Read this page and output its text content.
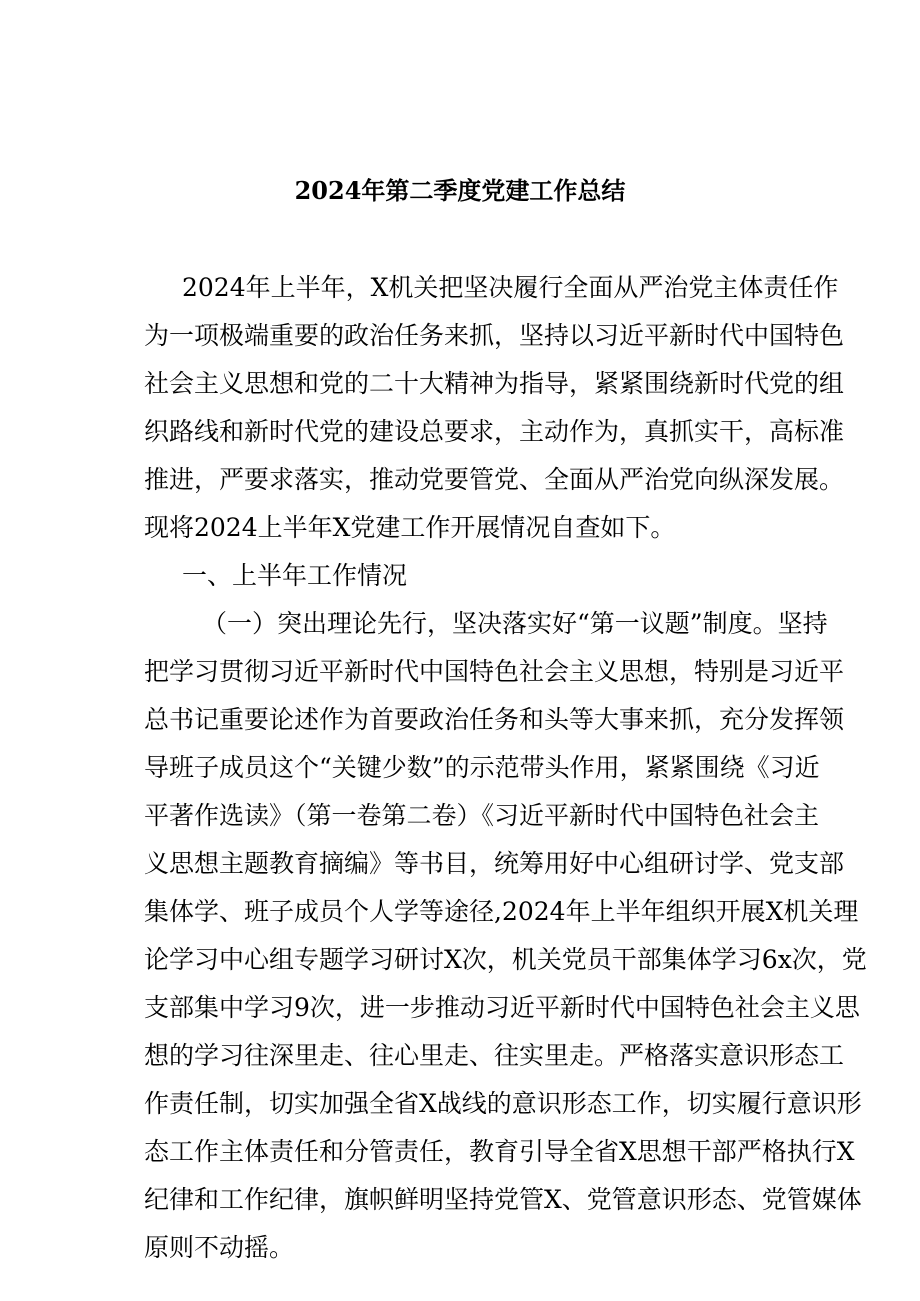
2024年第二季度党建工作总结
2024年上半年，X机关把坚决履行全面从严治党主体责任作
为一项极端重要的政治任务来抓，坚持以习近平新时代中国特色
社会主义思想和党的二十大精神为指导，紧紧围绕新时代党的组
织路线和新时代党的建设总要求，主动作为，真抓实干，高标准
推进，严要求落实，推动党要管党、全面从严治党向纵深发展。
现将2024上半年X党建工作开展情况自查如下。
一、上半年工作情况
（一）突出理论先行，坚决落实好“第一议题”制度。坚持
把学习贯彻习近平新时代中国特色社会主义思想，特别是习近平
总书记重要论述作为首要政治任务和头等大事来抓，充分发挥领
导班子成员这个“关键少数”的示范带头作用，紧紧围绕《习近
平著作选读》（第一卷第二卷）《习近平新时代中国特色社会主
义思想主题教育摘编》等书目，统筹用好中心组研讨学、党支部
集体学、班子成员个人学等途径,2024年上半年组织开展X机关理
论学习中心组专题学习研讨X次，机关党员干部集体学习6x次，党
支部集中学习9次，进一步推动习近平新时代中国特色社会主义思
想的学习往深里走、往心里走、往实里走。严格落实意识形态工
作责任制，切实加强全省X战线的意识形态工作，切实履行意识形
态工作主体责任和分管责任，教育引导全省X思想干部严格执行X
纪律和工作纪律，旗帜鲜明坚持党管X、党管意识形态、党管媒体
原则不动摇。
